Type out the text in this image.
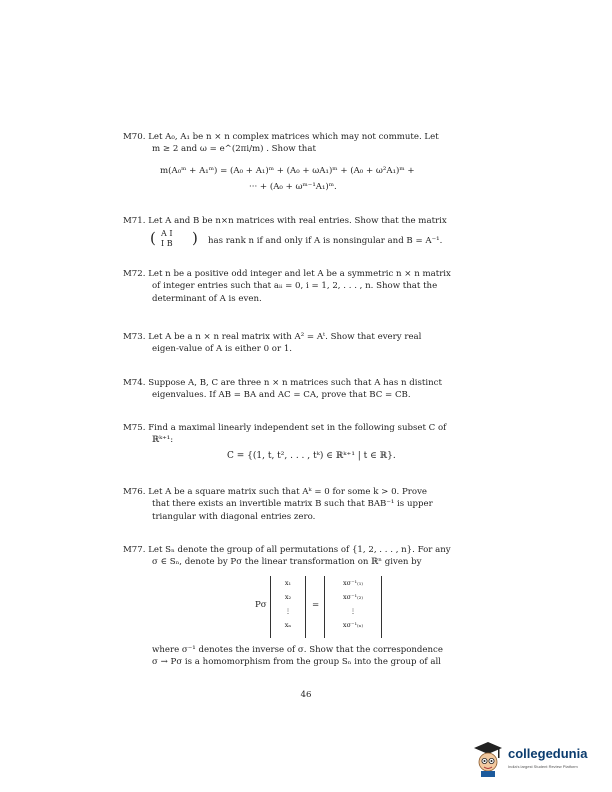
M70. Let A₀, A₁ be n × n complex matrices which may not commute. Let
m ≥ 2 and ω = e^(2πi/m) . Show that
m(A₀ᵐ + A₁ᵐ) = (A₀ + A₁)ᵐ + (A₀ + ωA₁)ᵐ + (A₀ + ω²A₁)ᵐ +
··· + (A₀ + ωᵐ⁻¹A₁)ᵐ.
M71. Let A and B be n×n matrices with real entries. Show that the matrix
( A I
I B ) has rank n if and only if A is nonsingular and B = A⁻¹.
M72. Let n be a positive odd integer and let A be a symmetric n × n matrix
of integer entries such that aᵢᵢ = 0, i = 1, 2, . . . , n. Show that the
determinant of A is even.
M73. Let A be a n × n real matrix with A² = Aᵗ. Show that every real
eigen-value of A is either 0 or 1.
M74. Suppose A, B, C are three n × n matrices such that A has n distinct
eigenvalues. If AB = BA and AC = CA, prove that BC = CB.
M75. Find a maximal linearly independent set in the following subset C of
ℝᵏ⁺¹:
C = {(1, t, t², . . . , tᵏ) ∈ ℝᵏ⁺¹ | t ∈ ℝ}.
M76. Let A be a square matrix such that Aᵏ = 0 for some k > 0. Prove
that there exists an invertible matrix B such that BAB⁻¹ is upper
triangular with diagonal entries zero.
M77. Let Sₙ denote the group of all permutations of {1, 2, . . . , n}. For any
σ ∈ Sₙ, denote by Pσ the linear transformation on ℝⁿ given by
Pσ
x₁
x₂
⋮
xₙ
=
xσ⁻¹₍₁₎
xσ⁻¹₍₂₎
⋮
xσ⁻¹₍ₙ₎
where σ⁻¹ denotes the inverse of σ. Show that the correspondence
σ → Pσ is a homomorphism from the group Sₙ into the group of all
46
collegedunia
India's largest Student Review Platform
